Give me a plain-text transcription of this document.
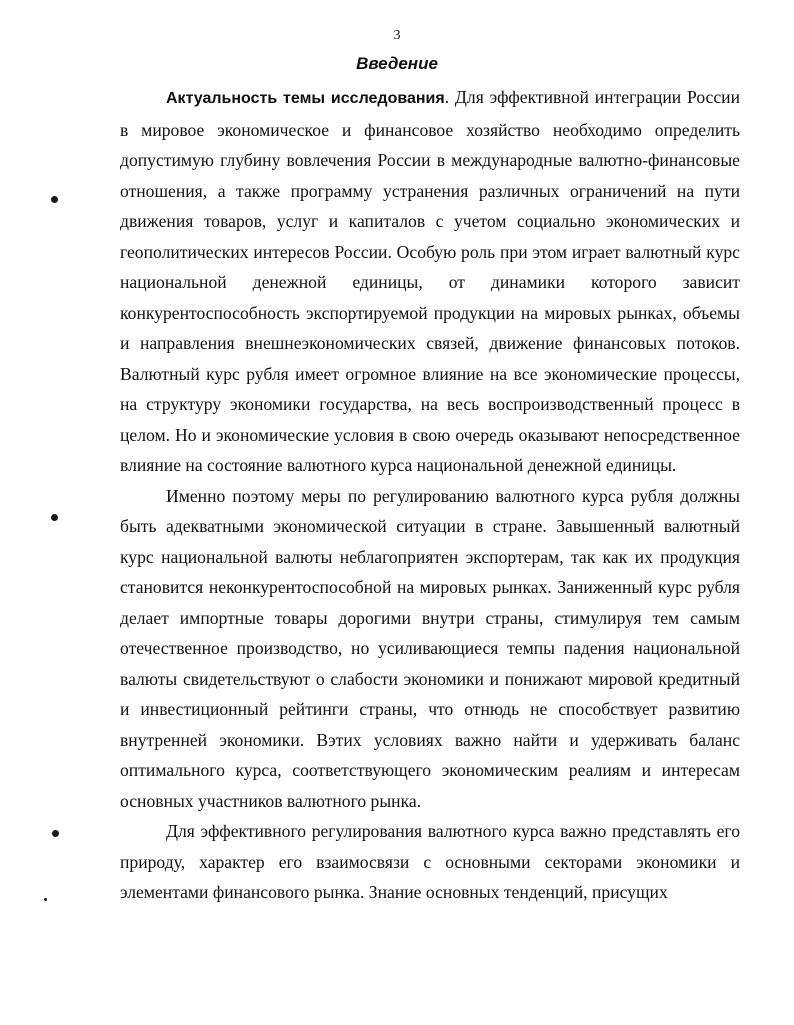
3
Введение

Актуальность темы исследования. Для эффективной интеграции России в мировое экономическое и финансовое хозяйство необходимо определить допустимую глубину вовлечения России в международные валютно-финансовые отношения, а также программу устранения различных ограничений на пути движения товаров, услуг и капиталов с учетом социально экономических и геополитических интересов России. Особую роль при этом играет валютный курс национальной денежной единицы, от динамики которого зависит конкурентоспособность экспортируемой продукции на мировых рынках, объемы и направления внешнеэкономических связей, движение финансовых потоков. Валютный курс рубля имеет огромное влияние на все экономические процессы, на структуру экономики государства, на весь воспроизводственный процесс в целом. Но и экономические условия в свою очередь оказывают непосредственное влияние на состояние валютного курса национальной денежной единицы.

Именно поэтому меры по регулированию валютного курса рубля должны быть адекватными экономической ситуации в стране. Завышенный валютный курс национальной валюты неблагоприятен экспортерам, так как их продукция становится неконкурентоспособной на мировых рынках. Заниженный курс рубля делает импортные товары дорогими внутри страны, стимулируя тем самым отечественное производство, но усиливающиеся темпы падения национальной валюты свидетельствуют о слабости экономики и понижают мировой кредитный и инвестиционный рейтинги страны, что отнюдь не способствует развитию внутренней экономики. Вэтих условиях важно найти и удерживать баланс оптимального курса, соответствующего экономическим реалиям и интересам основных участников валютного рынка.

Для эффективного регулирования валютного курса важно представлять его природу, характер его взаимосвязи с основными секторами экономики и элементами финансового рынка. Знание основных тенденций, присущих
